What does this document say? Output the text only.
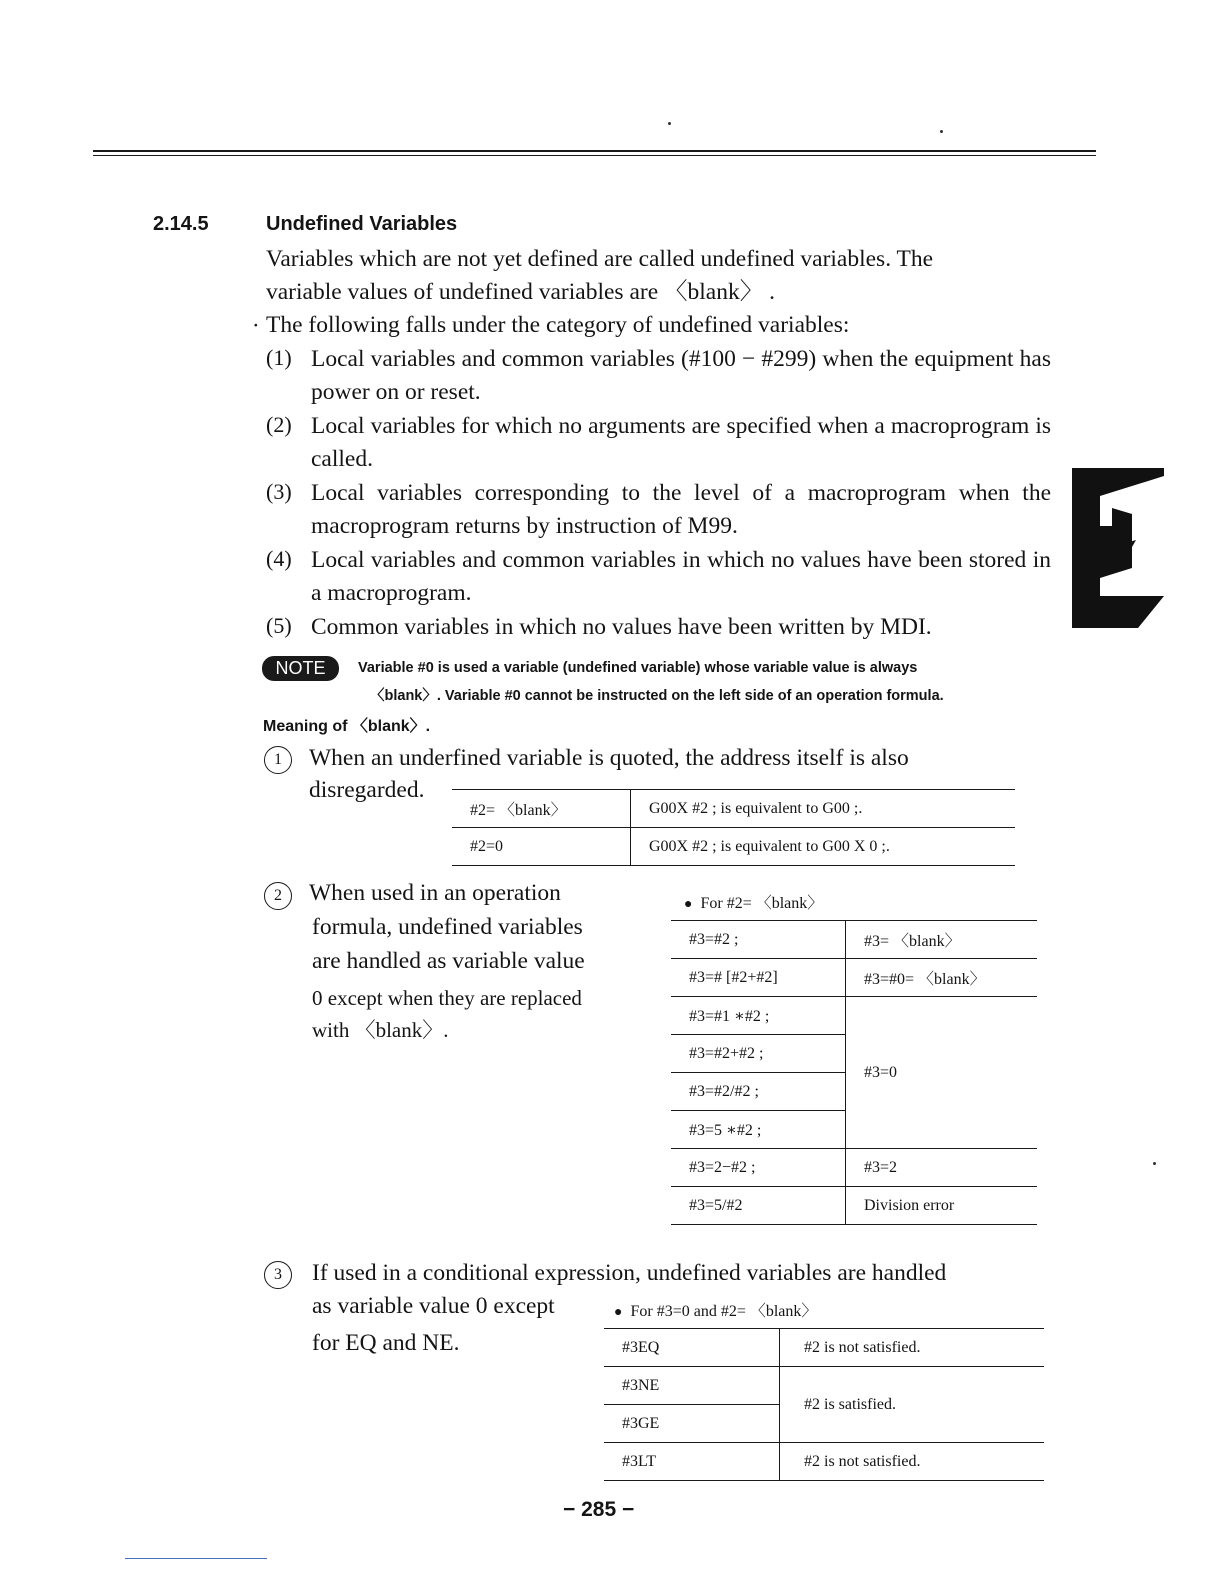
2.14.5	Undefined Variables
Variables which are not yet defined are called undefined variables. The
variable values of undefined variables are 〈blank〉 .
· The following falls under the category of undefined variables:
(1) Local variables and common variables (#100 − #299) when the equipment has power on or reset.
(2) Local variables for which no arguments are specified when a macroprogram is called.
(3) Local variables corresponding to the level of a macroprogram when the macroprogram returns by instruction of M99.
(4) Local variables and common variables in which no values have been stored in a macroprogram.
(5) Common variables in which no values have been written by MDI.
NOTE	Variable #0 is used a variable (undefined variable) whose variable value is always
〈blank〉. Variable #0 cannot be instructed on the left side of an operation formula.
Meaning of 〈blank〉.
1	When an underfined variable is quoted, the address itself is also
disregarded.
#2= 〈blank〉	G00X #2 ; is equivalent to G00 ;.
#2=0	G00X #2 ; is equivalent to G00 X 0 ;.
2	When used in an operation
formula, undefined variables
are handled as variable value
0 except when they are replaced
with 〈blank〉.
● For #2= 〈blank〉
#3=#2 ;	#3= 〈blank〉
#3=# [#2+#2]	#3=#0= 〈blank〉
#3=#1 ∗#2 ;	#3=0
#3=#2+#2 ;	
#3=#2/#2 ;	
#3=5 ∗#2 ;	
#3=2−#2 ;	#3=2
#3=5/#2	Division error
3	If used in a conditional expression, undefined variables are handled
as variable value 0 except
for EQ and NE.
● For #3=0 and #2= 〈blank〉
#3EQ	#2 is not satisfied.
#3NE	#2 is satisfied.
#3GE	
#3LT	#2 is not satisfied.
− 285 −
